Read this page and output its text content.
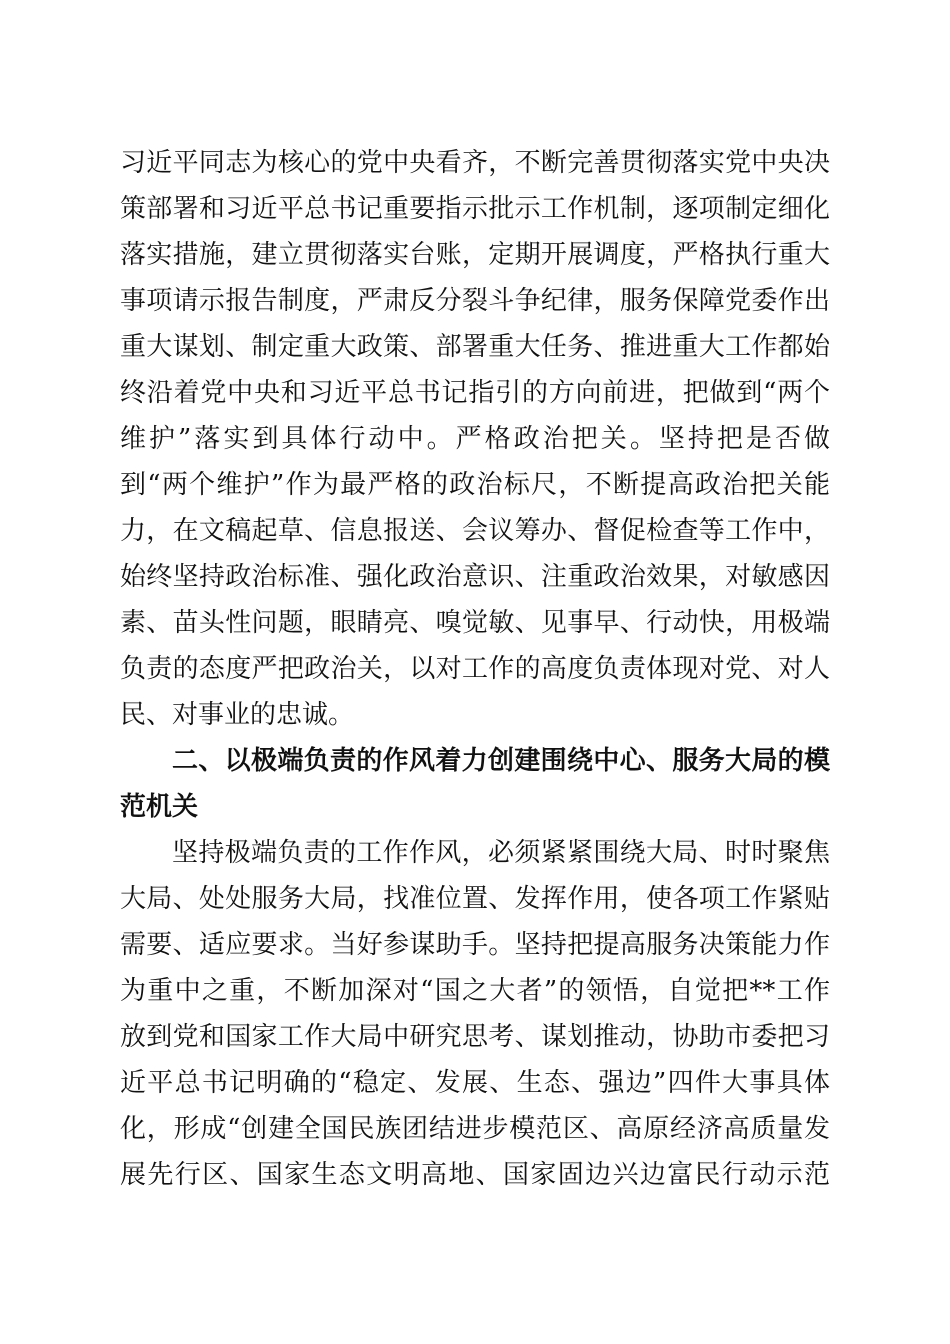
习近平同志为核心的党中央看齐，不断完善贯彻落实党中央决

策部署和习近平总书记重要指示批示工作机制，逐项制定细化

落实措施，建立贯彻落实台账，定期开展调度，严格执行重大

事项请示报告制度，严肃反分裂斗争纪律，服务保障党委作出

重大谋划、制定重大政策、部署重大任务、推进重大工作都始

终沿着党中央和习近平总书记指引的方向前进，把做到“两个

维护”落实到具体行动中。严格政治把关。坚持把是否做

到“两个维护”作为最严格的政治标尺，不断提高政治把关能

力，在文稿起草、信息报送、会议筹办、督促检查等工作中，

始终坚持政治标准、强化政治意识、注重政治效果，对敏感因

素、苗头性问题，眼睛亮、嗅觉敏、见事早、行动快，用极端

负责的态度严把政治关，以对工作的高度负责体现对党、对人

民、对事业的忠诚。

二、以极端负责的作风着力创建围绕中心、服务大局的模

范机关

坚持极端负责的工作作风，必须紧紧围绕大局、时时聚焦

大局、处处服务大局，找准位置、发挥作用，使各项工作紧贴

需要、适应要求。当好参谋助手。坚持把提高服务决策能力作

为重中之重，不断加深对“国之大者”的领悟，自觉把**工作

放到党和国家工作大局中研究思考、谋划推动，协助市委把习

近平总书记明确的“稳定、发展、生态、强边”四件大事具体

化，形成“创建全国民族团结进步模范区、高原经济高质量发

展先行区、国家生态文明高地、国家固边兴边富民行动示范
